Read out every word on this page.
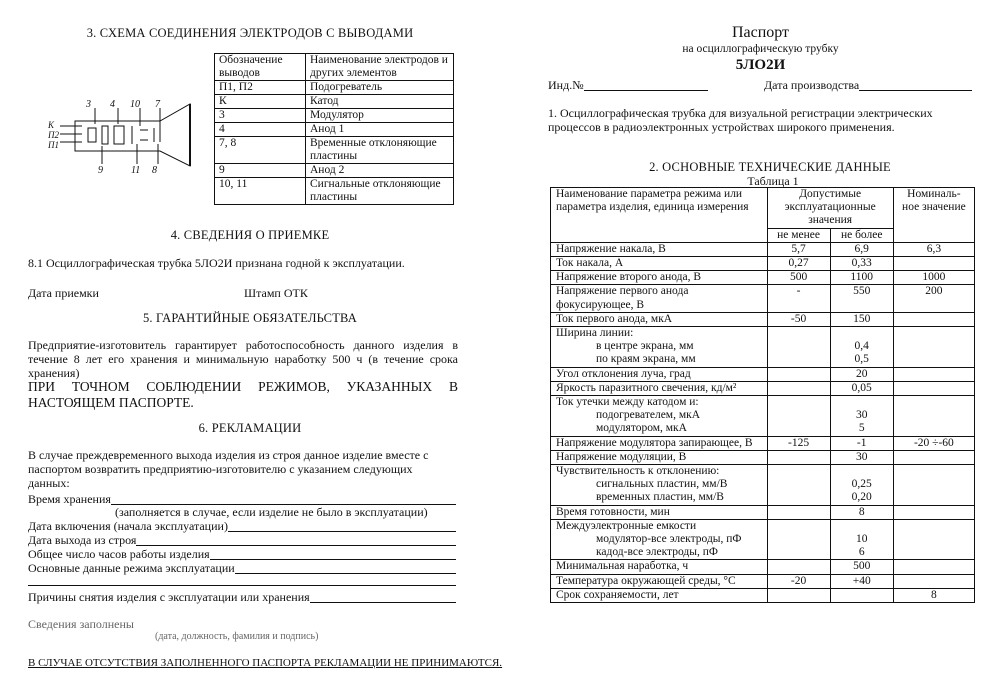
3. СХЕМА СОЕДИНЕНИЯ ЭЛЕКТРОДОВ С ВЫВОДАМИ
3 4 10 7
9	11 8
К
П2
П1
Обозначение выводов	Наименование электродов и других элементов
П1, П2	Подогреватель
К	Катод
3	Модулятор
4	Анод 1
7, 8	Временные отклоняющие пластины
9	Анод 2
10, 11	Сигнальные отклоняющие пластины
4. СВЕДЕНИЯ О ПРИЕМКЕ
8.1 Осциллографическая трубка 5ЛО2И признана годной к эксплуатации.
Дата приемки	Штамп ОТК
5. ГАРАНТИЙНЫЕ ОБЯЗАТЕЛЬСТВА
Предприятие-изготовитель гарантирует работоспособность данного изделия в течение 8 лет его хранения и минимальную наработку 500 ч (в течение срока хранения)
ПРИ ТОЧНОМ СОБЛЮДЕНИИ РЕЖИМОВ, УКАЗАННЫХ В НАСТОЯЩЕМ ПАСПОРТЕ.
6. РЕКЛАМАЦИИ
В случае преждевременного выхода изделия из строя данное изделие вместе с паспортом возвратить предприятию-изготовителю с указанием следующих данных:
Время хранения
(заполняется в случае, если изделие не было в эксплуатации)
Дата включения (начала эксплуатации)
Дата выхода из строя
Общее число часов работы изделия
Основные данные режима эксплуатации
Причины снятия изделия с эксплуатации или хранения
Сведения заполнены
(дата, должность, фамилия и подпись)
В СЛУЧАЕ ОТСУТСТВИЯ ЗАПОЛНЕННОГО ПАСПОРТА РЕКЛАМАЦИИ НЕ ПРИНИМАЮТСЯ.
Паспорт
на осциллографическую трубку
5ЛО2И
Инд.№	Дата производства
1. Осциллографическая трубка для визуальной регистрации электрических процессов в радиоэлектронных устройствах широкого применения.
2. ОСНОВНЫЕ ТЕХНИЧЕСКИЕ ДАННЫЕ
Таблица 1
Наименование параметра режима или параметра изделия, единица измерения	Допустимые эксплуатационные значения		Номиналь-ное значение
	не менее	не более	
Напряжение накала, В	5,7	6,9	6,3
Ток накала, А	0,27	0,33	
Напряжение второго анода, В	500	1100	1000
Напряжение первого анода фокусирующее, В	-	550	200
Ток первого анода, мкА	-50	150	
Ширина линии:			
в центре экрана, мм		0,4	
по краям экрана, мм		0,5	
Угол отклонения луча, град		20	
Яркость паразитного свечения, кд/м²		0,05	
Ток утечки между катодом и:			
подогревателем, мкА		30	
модулятором, мкА		5	
Напряжение модулятора запирающее, В	-125	-1	-20 ÷-60
Напряжение модуляции, В		30	
Чувствительность к отклонению:			
сигнальных пластин, мм/В		0,25	
временных пластин, мм/В		0,20	
Время готовности, мин		8	
Междуэлектронные емкости			
модулятор-все электроды, пФ		10	
кадод-все электроды, пФ		6	
Минимальная наработка, ч		500	
Температура окружающей среды, °С	-20	+40	
Срок сохраняемости, лет			8
